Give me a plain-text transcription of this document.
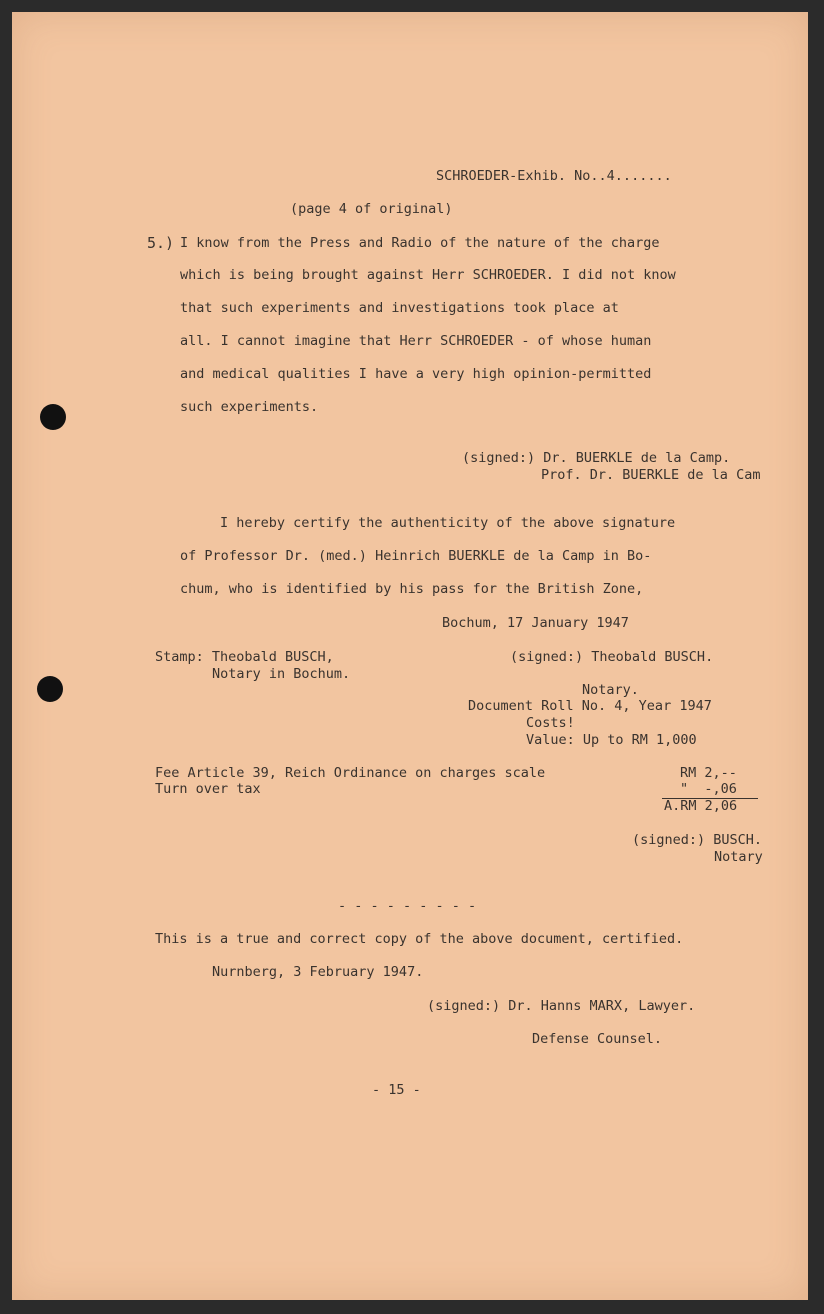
SCHROEDER-Exhib. No..4.......

(page 4 of original)

5.) I know from the Press and Radio of the nature of the charge

which is being brought against Herr SCHROEDER. I did not know

that such experiments and investigations took place at

all. I cannot imagine that Herr SCHROEDER - of whose human

and medical qualities I have a very high opinion-permitted

such experiments.

(signed:) Dr. BUERKLE de la Camp.

Prof. Dr. BUERKLE de la Cam

I hereby certify the authenticity of the above signature

of Professor Dr. (med.) Heinrich BUERKLE de la Camp in Bo-

chum, who is identified by his pass for the British Zone,

Bochum, 17 January 1947

Stamp: Theobald BUSCH,

Notary in Bochum.

(signed:) Theobald BUSCH.

Notary.

Document Roll No. 4, Year 1947

Costs!

Value: Up to RM 1,000

Fee Article 39, Reich Ordinance on charges scale

Turn over tax

RM 2,--

"  -,06

A.RM 2,06

(signed:) BUSCH.

Notary

- - - - - - - - -

This is a true and correct copy of the above document, certified.

Nurnberg, 3 February 1947.

(signed:) Dr. Hanns MARX, Lawyer.

Defense Counsel.

- 15 -
